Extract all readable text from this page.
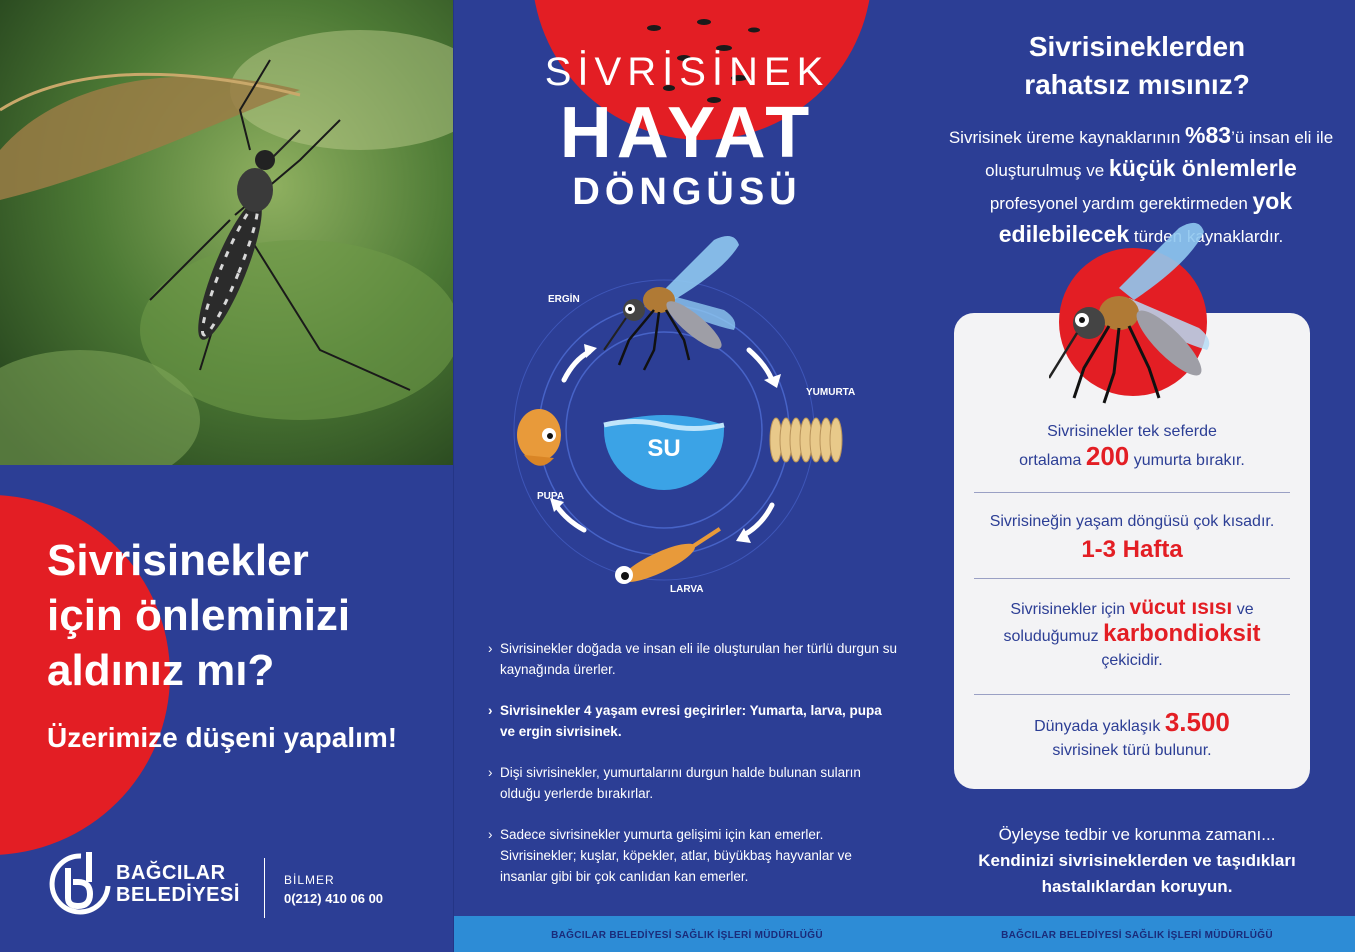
Sivrisinekler
için önleminizi
aldınız mı?
Üzerimize düşeni yapalım!
BAĞCILAR
BELEDİYESİ
BİLMER
0(212) 410 06 00
SİVRİSİNEK
HAYAT
DÖNGÜSÜ
ERGİN
YUMURTA
LARVA
PUPA
SU
› Sivrisinekler doğada ve insan eli ile oluşturulan her türlü durgun su kaynağında ürerler.
› Sivrisinekler 4 yaşam evresi geçirirler: Yumarta, larva, pupa ve ergin sivrisinek.
› Dişi sivrisinekler, yumurtalarını durgun halde bulunan suların olduğu yerlerde bırakırlar.
› Sadece sivrisinekler yumurta gelişimi için kan emerler. Sivrisinekler; kuşlar, köpekler, atlar, büyükbaş hayvanlar ve insanlar gibi bir çok canlıdan kan emerler.
BAĞCILAR BELEDİYESİ SAĞLIK İŞLERİ MÜDÜRLÜĞÜ
Sivrisineklerden
rahatsız mısınız?
Sivrisinek üreme kaynaklarının %83’ü insan eli ile oluşturulmuş ve küçük önlemlerle profesyonel yardım gerektirmeden yok edilebilecek türden kaynaklardır.
Sivrisinekler tek seferde
ortalama 200 yumurta bırakır.
Sivrisineğin yaşam döngüsü çok kısadır.
1-3 Hafta
Sivrisinekler için vücut ısısı ve
soluduğumuz karbondioksit
çekicidir.
Dünyada yaklaşık 3.500
sivrisinek türü bulunur.
Öyleyse tedbir ve korunma zamanı...
Kendinizi sivrisineklerden ve taşıdıkları
hastalıklardan koruyun.
BAĞCILAR BELEDİYESİ SAĞLIK İŞLERİ MÜDÜRLÜĞÜ
